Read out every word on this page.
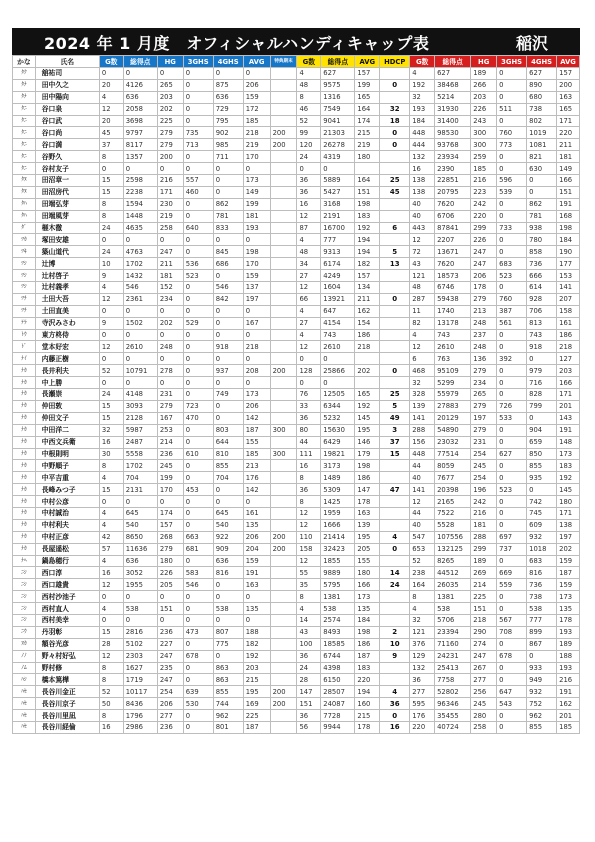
2024 年 1 月度　オフィシャルハンディキャップ表	稲沢
かな	氏名	G数	総得点	HG	3GHS	4GHS	AVG	特典期末	G数	総得点	AVG	HDCP	G数	総得点	HG	3GHS	4GHS	AVG
ﾀｸ	舘祐司	0	0	0	0	0	0		4	627	157		4	627	189	0	627	157
ﾀﾅ	田中久之	20	4126	265	0	875	206		48	9575	199	0	192	38468	266	0	890	200
ﾀﾅ	田中陽向	4	636	203	0	636	159		8	1316	165		32	5214	203	0	680	163
ﾀﾆ	谷口泉	12	2058	202	0	729	172		46	7549	164	32	193	31930	226	511	738	165
ﾀﾆ	谷口武	20	3698	225	0	795	185		52	9041	174	18	184	31400	243	0	802	171
ﾀﾆ	谷口尚	45	9797	279	735	902	218	200	99	21303	215	0	448	98530	300	760	1019	220
ﾀﾆ	谷口満	37	8117	279	713	985	219	200	120	26278	219	0	444	93768	300	773	1081	211
ﾀﾆ	谷野久	8	1357	200	0	711	170		24	4319	180		132	23934	259	0	821	181
ﾀﾆ	谷村友子	0	0	0	0	0	0		0	0			16	2390	185	0	630	149
ﾀﾇ	田沼章一	15	2598	216	557	0	173		36	5889	164	25	138	22851	216	596	0	166
ﾀﾇ	田沼房代	15	2238	171	460	0	149		36	5427	151	45	138	20795	223	539	0	151
ﾀﾊ	田端弘芽	8	1594	230	0	862	199		16	3168	198		40	7620	242	0	862	191
ﾀﾊ	田端風芽	8	1448	219	0	781	181		12	2191	183		40	6706	220	0	781	168
ﾀﾞ	榧木徹	24	4635	258	640	833	193		87	16700	192	6	443	87841	299	733	938	198
ﾂｶ	塚田安雄	0	0	0	0	0	0		4	777	194		12	2207	226	0	780	184
ﾂｷ	築山道代	24	4763	247	0	845	198		48	9313	194	5	72	13671	247	0	858	190
ﾂｼ	辻博	10	1702	211	536	686	170		34	6174	182	13	43	7620	247	683	736	177
ﾂｼ	辻村啓子	9	1432	181	523	0	159		27	4249	157		121	18573	206	523	666	153
ﾂｼ	辻村義孝	4	546	152	0	546	137		12	1604	134		48	6746	178	0	614	141
ﾂﾁ	土田大吾	12	2361	234	0	842	197		66	13921	211	0	287	59438	279	760	928	207
ﾂﾁ	土田直美	0	0	0	0	0	0		4	647	162		11	1740	213	387	706	158
ﾃﾗ	寺沢みさわ	9	1502	202	529	0	167		27	4154	154		82	13178	248	561	813	161
ﾄｳ	東方柊侍	0	0	0	0	0	0		4	743	186		4	743	237	0	743	186
ﾄﾞ	堂本好宏	12	2610	248	0	918	218		12	2610	218		12	2610	248	0	918	218
ﾅｲ	内藤正樹	0	0	0	0	0	0		0	0			6	763	136	392	0	127
ﾅｶ	長井利夫	52	10791	278	0	937	208	200	128	25866	202	0	468	95109	279	0	979	203
ﾅｶ	中上勝	0	0	0	0	0	0		0	0			32	5299	234	0	716	166
ﾅｶ	長瀬崇	24	4148	231	0	749	173		76	12505	165	25	328	55979	265	0	828	171
ﾅｶ	仲田敦	15	3093	279	723	0	206		33	6344	192	5	139	27883	279	726	799	201
ﾅｶ	仲田文子	15	2128	167	470	0	142		36	5232	145	49	141	20129	197	533	0	143
ﾅｶ	中田洋二	32	5987	253	0	803	187	300	80	15630	195	3	288	54890	279	0	904	191
ﾅｶ	中西文兵衛	16	2487	214	0	644	155		44	6429	146	37	156	23032	231	0	659	148
ﾅｶ	中根則明	30	5558	236	610	810	185	300	111	19821	179	15	448	77514	254	627	850	173
ﾅｶ	中野順子	8	1702	245	0	855	213		16	3173	198		44	8059	245	0	855	183
ﾅｶ	中平吉重	4	704	199	0	704	176		8	1489	186		40	7677	254	0	935	192
ﾅｶ	長峰みつ子	15	2131	170	453	0	142		36	5309	147	47	141	20398	196	523	0	145
ﾅｶ	中村公彦	0	0	0	0	0	0		8	1425	178		12	2165	242	0	742	180
ﾅｶ	中村誠治	4	645	174	0	645	161		12	1959	163		44	7522	216	0	745	171
ﾅｶ	中村利夫	4	540	157	0	540	135		12	1666	139		40	5528	181	0	609	138
ﾅｶ	中村正彦	42	8650	268	663	922	206	200	110	21414	195	4	547	107556	288	697	932	197
ﾅｶ	長屋遥松	57	11636	279	681	909	204	200	158	32423	205	0	653	132125	299	737	1018	202
ﾅﾍ	鍋島穂行	4	636	180	0	636	159		12	1855	155		52	8265	189	0	683	159
ﾆｼ	西口淳	16	3052	226	583	816	191		55	9889	180	14	238	44512	269	669	816	187
ﾆｼ	西口雄貴	12	1955	205	546	0	163		35	5795	166	24	164	26035	214	559	736	159
ﾆｼ	西村沙池子	0	0	0	0	0	0		8	1381	173		8	1381	225	0	738	173
ﾆｼ	西村直人	4	538	151	0	538	135		4	538	135		4	538	151	0	538	135
ﾆｼ	西村美幸	0	0	0	0	0	0		14	2574	184		32	5706	218	567	777	178
ﾆｳ	丹羽彰	15	2816	236	473	807	188		43	8493	198	2	121	23394	290	708	899	193
ﾇｶ	額谷光彦	28	5102	227	0	775	182		100	18585	186	10	376	71160	274	0	867	189
ﾉﾉ	野々村好弘	12	2303	247	678	0	192		36	6744	187	9	129	24231	247	678	0	188
ﾉﾑ	野村修	8	1627	235	0	863	203		24	4398	183		132	25413	267	0	933	193
ﾊｼ	橋本篤樺	8	1719	247	0	863	215		28	6150	220		36	7758	277	0	949	216
ﾊｾ	長谷川金正	52	10117	254	639	855	195	200	147	28507	194	4	277	52802	256	647	932	191
ﾊｾ	長谷川京子	50	8436	206	530	744	169	200	151	24087	160	36	595	96346	245	543	752	162
ﾊｾ	長谷川里凪	8	1796	277	0	962	225		36	7728	215	0	176	35455	280	0	962	201
ﾊｾ	長谷川経倫	16	2986	236	0	801	187		56	9944	178	16	220	40724	258	0	855	185
